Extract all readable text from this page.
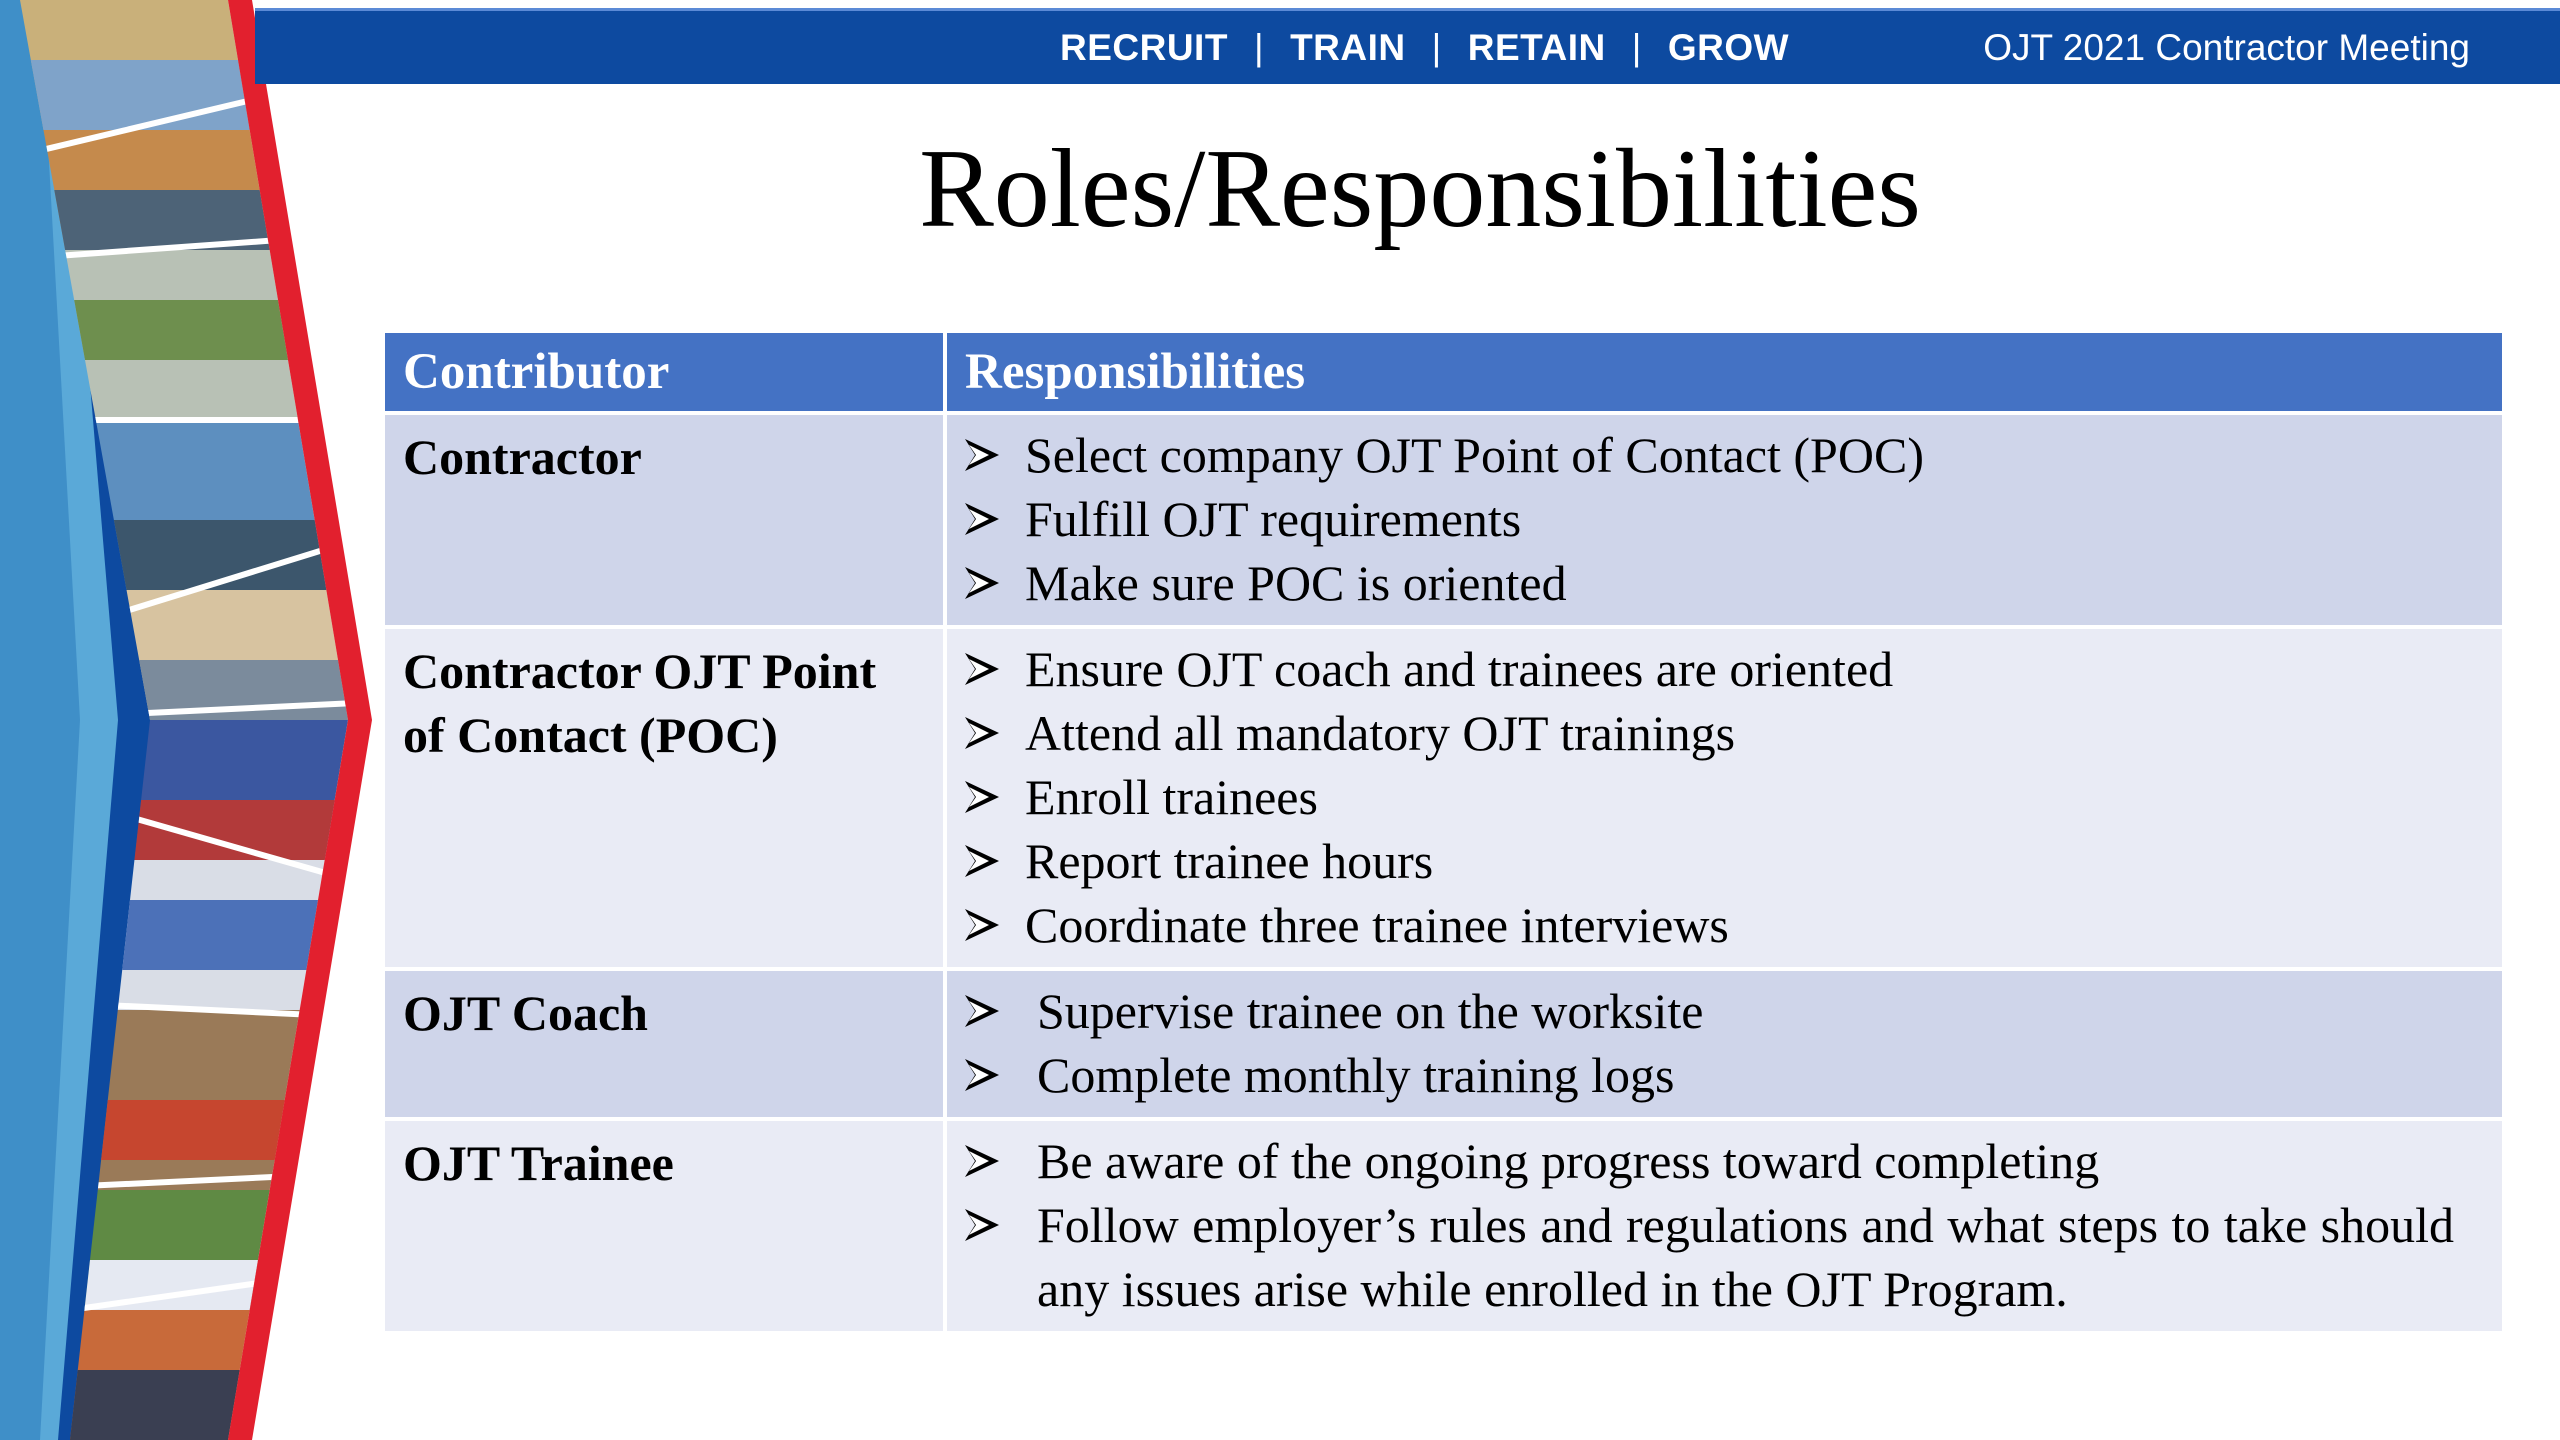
RECRUIT | TRAIN | RETAIN | GROW	OJT 2021 Contractor Meeting
Roles/Responsibilities
Contributor	Responsibilities
Contractor	Select company OJT Point of Contact (POC)
Fulfill OJT requirements
Make sure POC is oriented

Contractor OJT Point of Contact (POC)	Ensure OJT coach and trainees are oriented
Attend all mandatory OJT trainings
Enroll trainees
Report trainee hours
Coordinate three trainee interviews

OJT Coach	Supervise trainee on the worksite
Complete monthly training logs

OJT Trainee	Be aware of the ongoing progress toward completing
Follow employer’s rules and regulations and what steps to take should any issues arise while enrolled in the OJT Program.
